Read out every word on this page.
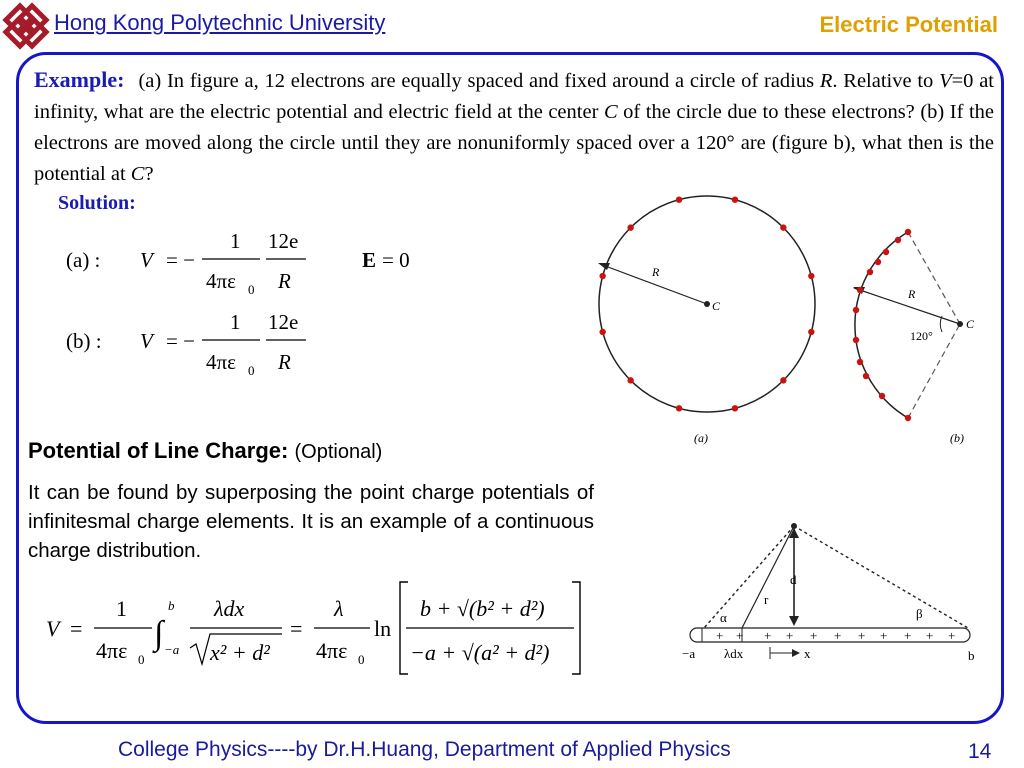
Hong Kong Polytechnic University	Electric Potential
Example: (a) In figure a, 12 electrons are equally spaced and fixed around a circle of radius R. Relative to V=0 at infinity, what are the electric potential and electric field at the center C of the circle due to these electrons? (b) If the electrons are moved along the circle until they are nonuniformly spaced over a 120° are (figure b), what then is the potential at C?
Solution:
(a) : V = −
1
4πε 0
12e
R
E = 0
(b) : V = −
1
4πε 0
12e
R
R
C
(a)
R
C
120°
(b)
Potential of Line Charge: (Optional)
It can be found by superposing the point charge potentials of infinitesmal charge elements. It is an example of a continuous charge distribution.
V =
1
4πε 0
∫
b
−a
λdx
x² + d²
=
λ
4πε 0
ln
b + √(b² + d²)
−a + √(a² + d²)
d
r
α	β
+ + + + + + + + + + +
−a λdx	x	b
College Physics----by Dr.H.Huang, Department of Applied Physics	14
